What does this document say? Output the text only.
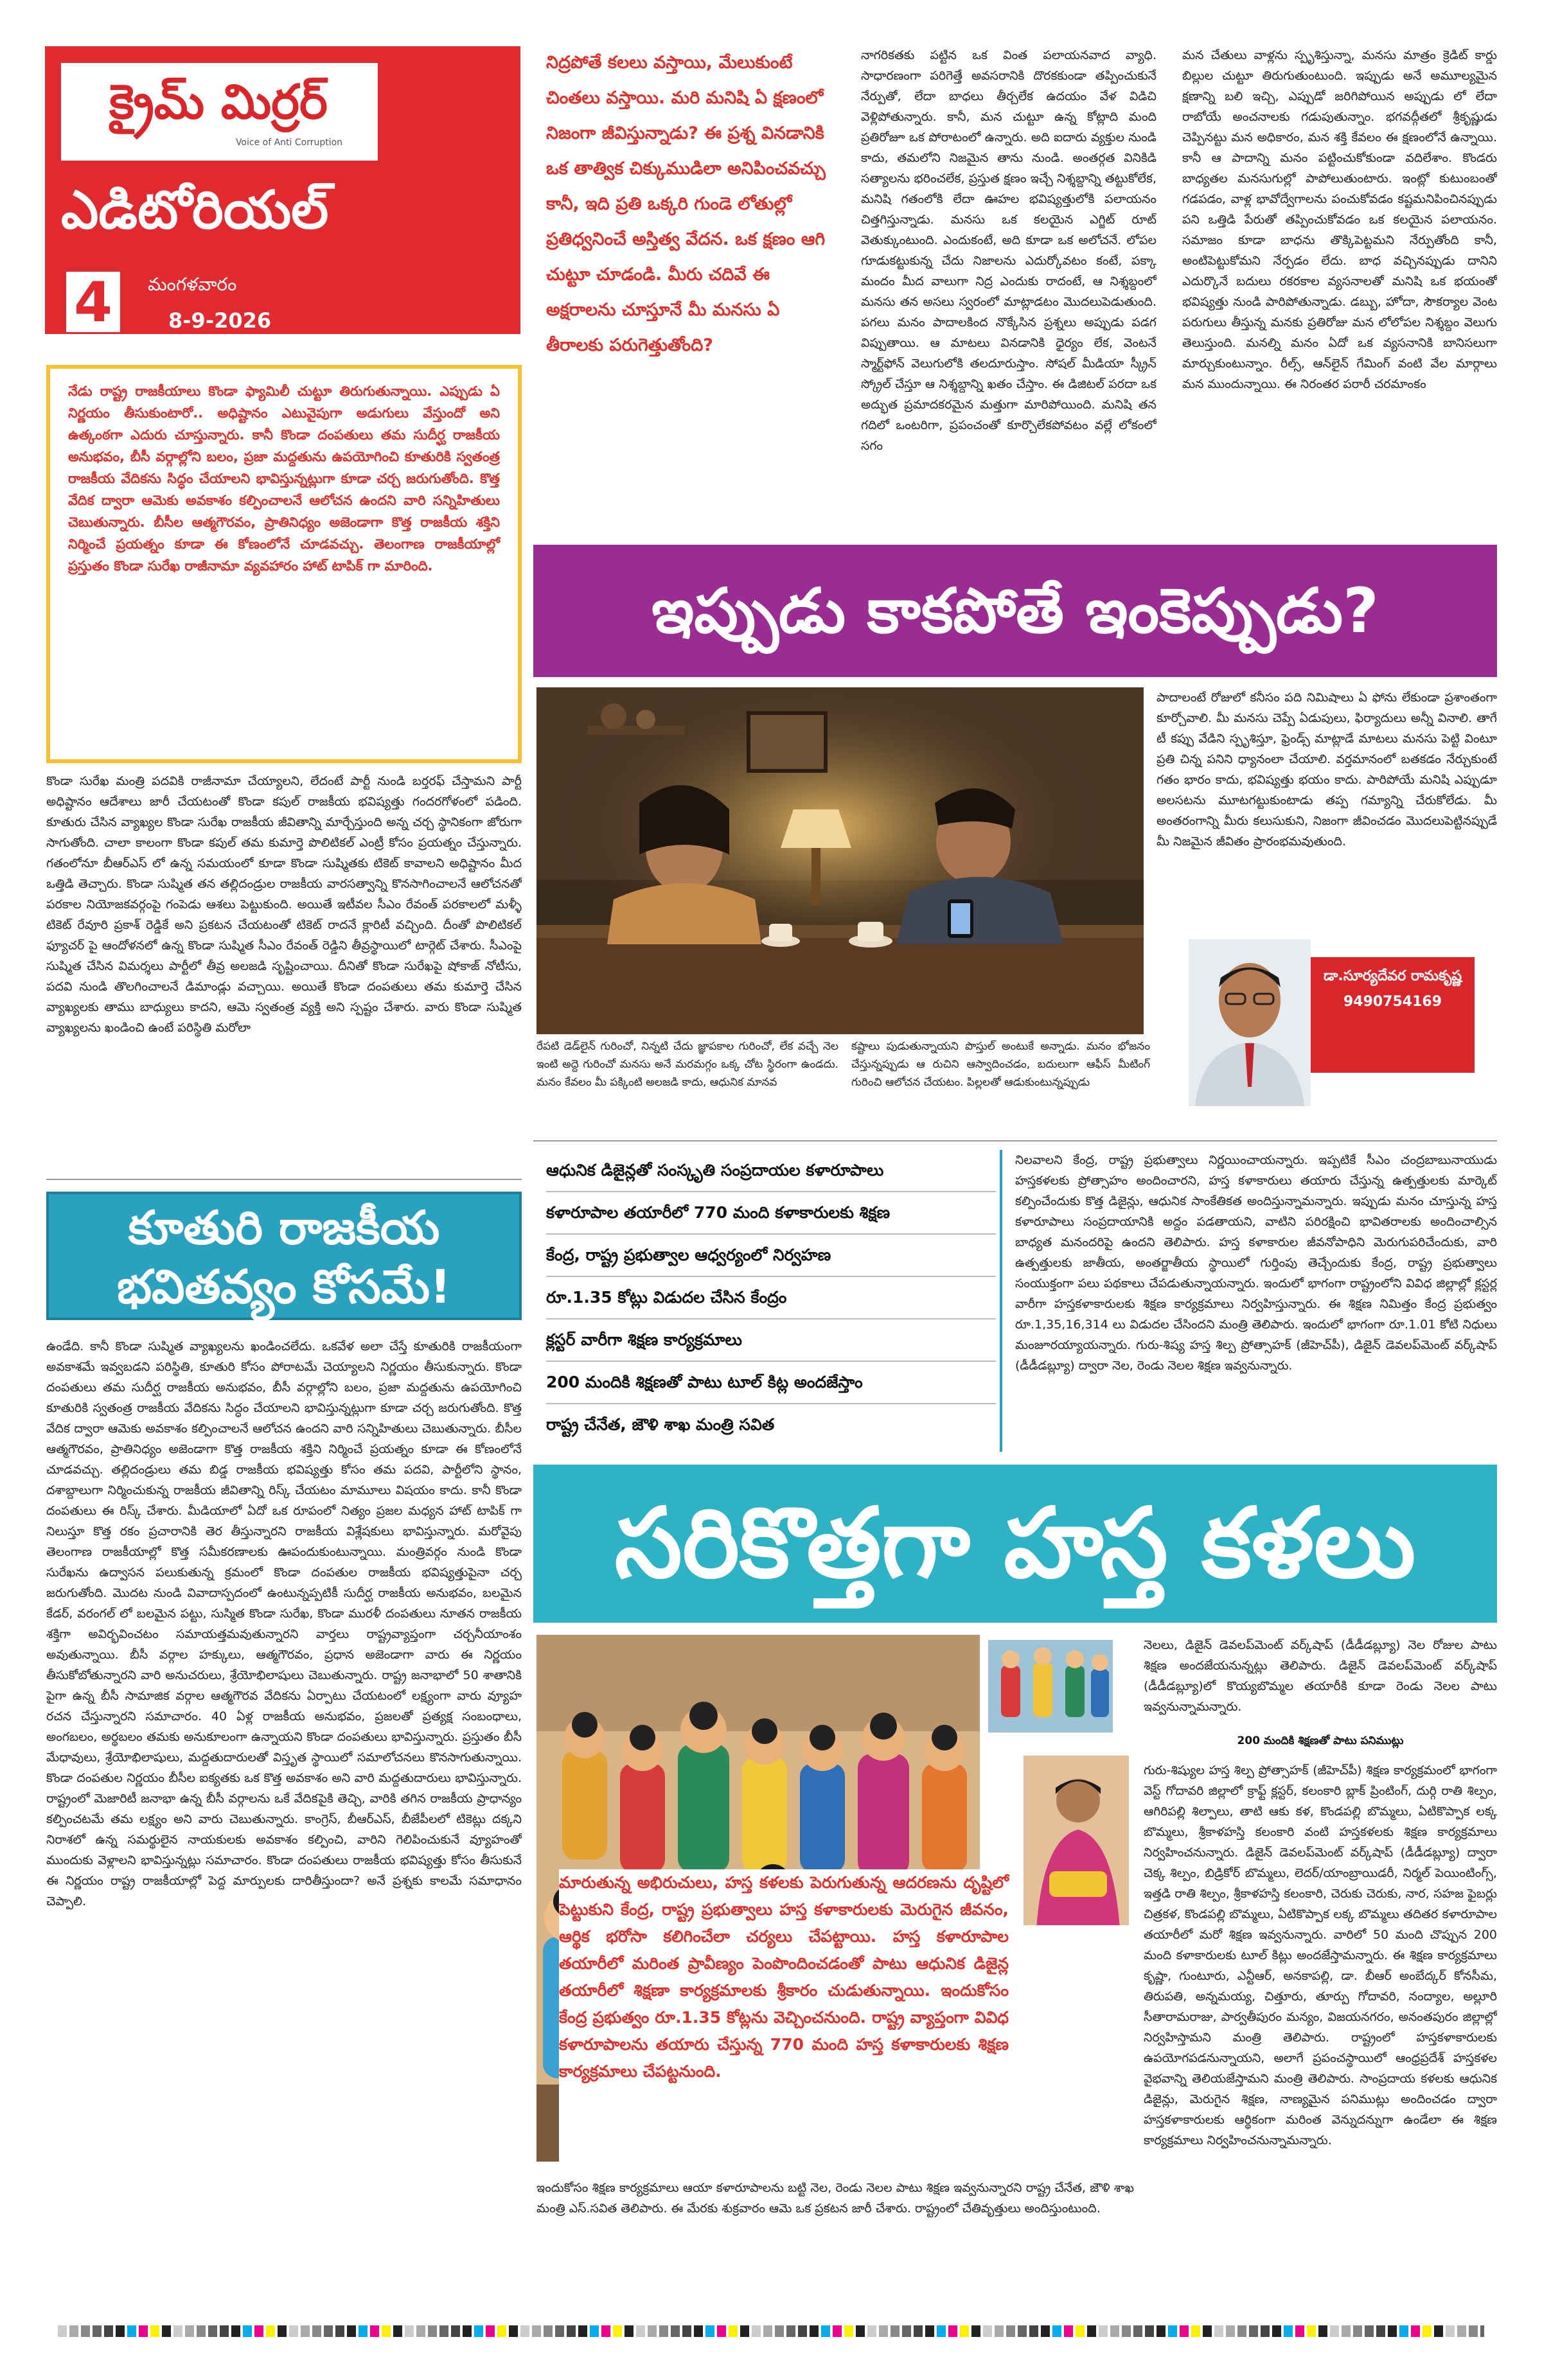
క్రైమ్ మిర్రర్
Voice of Anti Corruption
ఎడిటోరియల్
4	మంగళవారం
8-9-2026

నేడు రాష్ట్ర రాజకీయాలు కొండా ఫ్యామిలీ చుట్టూ తిరుగుతున్నాయి. ఎప్పుడు ఏ నిర్ణయం తీసుకుంటారో.. అధిష్టానం ఎటువైపుగా అడుగులు వేస్తుందో అని ఉత్కంఠగా ఎదురు చూస్తున్నారు. కానీ కొండా దంపతులు తమ సుదీర్ఘ రాజకీయ అనుభవం, బీసీ వర్గాల్లోని బలం, ప్రజా మద్దతును ఉపయోగించి కూతురికి స్వతంత్ర రాజకీయ వేదికను సిద్ధం చేయాలని భావిస్తున్నట్లుగా కూడా చర్చ జరుగుతోంది. కొత్త వేదిక ద్వారా ఆమెకు అవకాశం కల్పించాలనే ఆలోచన ఉందని వారి సన్నిహితులు చెబుతున్నారు. బీసీల ఆత్మగౌరవం, ప్రాతినిధ్యం అజెండాగా కొత్త రాజకీయ శక్తిని నిర్మించే ప్రయత్నం కూడా ఈ కోణంలోనే చూడవచ్చు. తెలంగాణ రాజకీయాల్లో ప్రస్తుతం కొండా సురేఖ రాజీనామా వ్యవహారం హాట్ టాపిక్ గా మారింది.

కొండా సురేఖ మంత్రి పదవికి రాజీనామా చేయ్యాలని, లేదంటే పార్టీ నుండి బర్తరఫ్ చేస్తామని పార్టీ అధిష్టానం ఆదేశాలు జారీ చేయటంతో కొండా కపుల్ రాజకీయ భవిష్యత్తు గందరగోళంలో పడింది. కూతురు చేసిన వ్యాఖ్యల కొండా సురేఖ రాజకీయ జీవితాన్ని మార్చేస్తుంది అన్న చర్చ స్థానికంగా జోరుగా సాగుతోంది. చాలా కాలంగా కొండా కపుల్ తమ కుమార్తె పొలిటికల్ ఎంట్రీ కోసం ప్రయత్నం చేస్తున్నారు. గతంలోనూ బీఆర్ఎస్ లో ఉన్న సమయంలో కూడా కొండా సుష్మితకు టికెట్ కావాలని అధిష్టానం మీద ఒత్తిడి తెచ్చారు. కొండా సుష్మిత తన తల్లిదండ్రుల రాజకీయ వారసత్వాన్ని కొనసాగించాలనే ఆలోచనతో పరకాల నియోజకవర్గంపై గంపెడు ఆశలు పెట్టుకుంది. అయితే ఇటీవల సీఎం రేవంత్ పరకాలలో మళ్ళీ టికెట్ రేవూరి ప్రకాశ్ రెడ్డికే అని ప్రకటన చేయటంతో టికెట్ రాదనే క్లారిటీ వచ్చింది. దీంతో పొలిటికల్ ఫ్యూచర్ పై ఆందోళనలో ఉన్న కొండా సుష్మిత సీఎం రేవంత్ రెడ్డిని తీవ్రస్థాయిలో టార్గెట్ చేశారు. సీఎంపై సుష్మిత చేసిన విమర్శలు పార్టీలో తీవ్ర అలజడి సృష్టించాయి. దీనితో కొండా సురేఖపై షోకాజ్ నోటీసు, పదవి నుండి తొలగించాలనే డిమాండ్లు వచ్చాయి. అయితే కొండా దంపతులు తమ కుమార్తె చేసిన వ్యాఖ్యలకు తాము బాధ్యులు కాదని, ఆమె స్వతంత్ర వ్యక్తి అని స్పష్టం చేశారు. వారు కొండా సుష్మిత వ్యాఖ్యలను ఖండించి ఉంటే పరిస్థితి మరోలా

కూతురి రాజకీయ భవితవ్యం కోసమే!

ఉండేది. కానీ కొండా సుష్మిత వ్యాఖ్యలను ఖండించలేదు. ఒకవేళ అలా చేస్తే కూతురికి రాజకీయంగా అవకాశమే ఇవ్వబడని పరిస్థితి, కూతురి కోసం పోరాటమే చెయ్యాలని నిర్ణయం తీసుకున్నారు. కొండా దంపతులు తమ సుదీర్ఘ రాజకీయ అనుభవం, బీసీ వర్గాల్లోని బలం, ప్రజా మద్దతును ఉపయోగించి కూతురికి స్వతంత్ర రాజకీయ వేదికను సిద్ధం చేయాలని భావిస్తున్నట్లుగా కూడా చర్చ జరుగుతోంది. కొత్త వేదిక ద్వారా ఆమెకు అవకాశం కల్పించాలనే ఆలోచన ఉందని వారి సన్నిహితులు చెబుతున్నారు. బీసీల ఆత్మగౌరవం, ప్రాతినిధ్యం అజెండాగా కొత్త రాజకీయ శక్తిని నిర్మించే ప్రయత్నం కూడా ఈ కోణంలోనే చూడవచ్చు. తల్లిదండ్రులు తమ బిడ్డ రాజకీయ భవిష్యత్తు కోసం తమ పదవి, పార్టీలోని స్థానం, దశాబ్దాలుగా నిర్మించుకున్న రాజకీయ జీవితాన్ని రిస్క్ చేయటం మామూలు విషయం కాదు. కానీ కొండా దంపతులు ఈ రిస్క్ చేశారు. మీడియాలో ఏదో ఒక రూపంలో నిత్యం ప్రజల మధ్యన హాట్ టాపిక్ గా నిలుస్తూ కొత్త రకం ప్రచారానికి తెర తీస్తున్నారని రాజకీయ విశ్లేషకులు భావిస్తున్నారు. మరోవైపు తెలంగాణ రాజకీయాల్లో కొత్త సమీకరణాలకు ఊపందుకుంటున్నాయి. మంత్రివర్గం నుండి కొండా సురేఖను ఉద్వాసన పలుకుతున్న క్రమంలో కొండా దంపతుల రాజకీయ భవిష్యత్తుపైనా చర్చ జరుగుతోంది. మొదట నుండి వివాదాస్పదంలో ఉంటున్నప్పటికీ సుదీర్ఘ రాజకీయ అనుభవం, బలమైన కేడర్, వరంగల్ లో బలమైన పట్టు, సుస్మిత కొండా సురేఖ, కొండా మురళీ దంపతులు నూతన రాజకీయ శక్తిగా అవిర్భవించటం సమాయత్తమవుతున్నారని వార్తలు రాష్ట్రవ్యాప్తంగా చర్చనీయాంశం అవుతున్నాయి. బీసీ వర్గాల హక్కులు, ఆత్మగౌరవం, ప్రధాన అజెండాగా వారు ఈ నిర్ణయం తీసుకోబోతున్నారని వారి అనుచరులు, శ్రేయోభిలాషులు చెబుతున్నారు. రాష్ట్ర జనాభాలో 50 శాతానికి పైగా ఉన్న బీసీ సామాజిక వర్గాల ఆత్మగౌరవ వేదికను ఏర్పాటు చేయటంలో లక్ష్యంగా వారు వ్యూహ రచన చేస్తున్నారని సమాచారం. 40 ఏళ్ల రాజకీయ అనుభవం, ప్రజలతో ప్రత్యక్ష సంబంధాలు, అంగబలం, అర్థబలం తమకు అనుకూలంగా ఉన్నాయని కొండా దంపతులు భావిస్తున్నారు. ప్రస్తుతం బీసీ మేధావులు, శ్రేయోభిలాషులు, మద్దతుదారులతో విస్తృత స్థాయిలో సమాలోచనలు కొనసాగుతున్నాయి. కొండా దంపతుల నిర్ణయం బీసీల ఐక్యతకు ఒక కొత్త అవకాశం అని వారి మద్దతుదారులు భావిస్తున్నారు. రాష్ట్రంలో మెజారిటీ జనాభా ఉన్న బీసీ వర్గాలను ఒకే వేదికపైకి తెచ్చి, వారికి తగిన రాజకీయ ప్రాధాన్యం కల్పించటమే తమ లక్ష్యం అని వారు చెబుతున్నారు. కాంగ్రెస్, బీఆర్ఎస్, బీజేపీలలో టికెట్లు దక్కని నిరాశలో ఉన్న సమర్థులైన నాయకులకు అవకాశం కల్పించి, వారిని గెలిపించుకునే వ్యూహంతో ముందుకు వెళ్లాలని భావిస్తున్నట్లు సమాచారం. కొండా దంపతులు రాజకీయ భవిష్యత్తు కోసం తీసుకునే ఈ నిర్ణయం రాష్ట్ర రాజకీయాల్లో పెద్ద మార్పులకు దారితీస్తుందా? అనే ప్రశ్నకు కాలమే సమాధానం చెప్పాలి.

నిద్రపోతే కలలు వస్తాయి, మేలుకుంటే చింతలు వస్తాయి. మరి మనిషి ఏ క్షణంలో నిజంగా జీవిస్తున్నాడు? ఈ ప్రశ్న వినడానికి ఒక తాత్విక చిక్కుముడిలా అనిపించవచ్చు కానీ, ఇది ప్రతి ఒక్కరి గుండె లోతుల్లో ప్రతిధ్వనించే అస్తిత్వ వేదన. ఒక క్షణం ఆగి చుట్టూ చూడండి. మీరు చదివే ఈ అక్షరాలను చూస్తూనే మీ మనసు ఏ తీరాలకు పరుగెత్తుతోంది?

నాగరికతకు పట్టిన ఒక వింత పలాయనవాద వ్యాధి. సాధారణంగా పరిగెత్తే అవసరానికి దొరకకుండా తప్పించుకునే నేర్పుతో, లేదా బాధలు తీర్చలేక ఉదయం వేళ విడిచి వెళ్లిపోతున్నారు. కానీ, మన చుట్టూ ఉన్న కోట్లాది మంది ప్రతిరోజూ ఒక పోరాటంలో ఉన్నారు. అది ఐదారు వ్యక్తుల నుండి కాదు, తమలోని నిజమైన తాను నుండి. అంతర్గత వినికిడి సత్యాలను భరించలేక, ప్రస్తుత క్షణం ఇచ్చే నిశ్శబ్దాన్ని తట్టుకోలేక, మనిషి గతంలోకి లేదా ఊహల భవిష్యత్తులోకి పలాయనం చిత్తగిస్తున్నాడు. మనసు ఒక కలయైన ఎగ్జిట్ రూట్ వెతుక్కుంటుంది. ఎందుకంటే, అది కూడా ఒక అలోచనే. లోపల గూడుకట్టుకున్న చేదు నిజాలను ఎదుర్కోవటం కంటే, పక్కా మందం మీద వాలుగా నిద్ర ఎందుకు రాదంటే, ఆ నిశ్శబ్దంలో మనసు తన అసలు స్వరంలో మాట్లాడటం మొదలుపెడుతుంది. పగలు మనం పాదాలకింద నొక్కేసిన ప్రశ్నలు అప్పుడు పడగ విప్పుతాయి. ఆ మాటలు వినడానికి ధైర్యం లేక, వెంటనే స్మార్ట్‌ఫోన్ వెలుగులోకి తలదూరుస్తాం. సోషల్ మీడియా స్క్రీన్ స్క్రోల్ చేస్తూ ఆ నిశ్శబ్దాన్ని ఖతం చేస్తాం. ఈ డిజిటల్ పరదా ఒక అద్భుత ప్రమాదకరమైన మత్తుగా మారిపోయింది. మనిషి తన గదిలో ఒంటరిగా, ప్రపంచంతో కూర్చొలేకపోవటం వల్లే లోకంలో సగం

మన చేతులు వాళ్లను స్పృశిస్తున్నా, మనసు మాత్రం క్రెడిట్ కార్డు బిల్లుల చుట్టూ తిరుగుతుంటుంది. ఇప్పుడు అనే అమూల్యమైన క్షణాన్ని బలి ఇచ్చి, ఎప్పుడో జరిగిపోయిన అప్పుడు లో లేదా రాబోయే అంచనాలకు గడుపుతున్నాం. భగవద్గీతలో శ్రీకృష్ణుడు చెప్పినట్టు మన అధికారం, మన శక్తి కేవలం ఈ క్షణంలోనే ఉన్నాయి. కానీ ఆ పాదాన్ని మనం పట్టించుకోకుండా వదిలేశాం. కొండరు బాధ్యతల మనసుగుల్లో పాపోలుతుంటారు. ఇంట్లో కుటుంబంతో గడపడం, వాళ్ల భావోద్వేగాలను పంచుకోవడం కష్టమనిపించినప్పుడు పని ఒత్తిడి పేరుతో తప్పించుకోవడం ఒక కలయైన పలాయనం. సమాజం కూడా బాధను తొక్కిపెట్టమని నేర్పుతోంది కానీ, అంటిపెట్టుకోమని నేర్పడం లేదు. బాధ వచ్చినప్పుడు దానిని ఎదుర్కొనే బదులు రకరకాల వ్యసనాలతో మనిషి ఒక భయంతో భవిష్యత్తు నుండి పారిపోతున్నాడు. డబ్బు, హోదా, సౌకర్యాల వెంట పరుగులు తీస్తున్న మనకు ప్రతిరోజు మన లోలోపల నిశ్శబ్దం వెలుగు తెలుస్తుంది. మనల్ని మనం ఏదో ఒక వ్యసనానికి బానిసలుగా మార్చుకుంటున్నాం. రీల్స్, ఆన్‌లైన్ గేమింగ్ వంటి వేల మార్గాలు మన ముందున్నాయి. ఈ నిరంతర పరారీ చరమాంకం

ఇప్పుడు కాకపోతే ఇంకెప్పుడు?

పాదాలంటే రోజులో కనీసం పది నిమిషాలు ఏ ఫోను లేకుండా ప్రశాంతంగా కూర్చోవాలి. మీ మనసు చెప్పే ఏడుపులు, ఫిర్యాదులు అన్నీ వినాలి. తాగే టీ కప్పు వేడిని స్పృశిస్తూ, ఫ్రెండ్స్ మాట్లాడే మాటలు మనసు పెట్టి వింటూ ప్రతి చిన్న పనిని ధ్యానంలా చేయాలి. వర్తమానంలో బతకడం నేర్చుకుంటే గతం భారం కాదు, భవిష్యత్తు భయం కాదు. పారిపోయే మనిషి ఎప్పుడూ అలసటను మూటగట్టుకుంటాడు తప్ప గమ్యాన్ని చేరుకోలేడు. మీ అంతరంగాన్ని మీరు కలుసుకుని, నిజంగా జీవించడం మొదలుపెట్టినప్పుడే మీ నిజమైన జీవితం ప్రారంభమవుతుంది.

డా.సూర్యదేవర రామకృష్ణ
9490754169

రేపటి డెడ్‌లైన్ గురించో, నిన్నటి చేదు జ్ఞాపకాల గురించో, లేక వచ్చే నెల ఇంటి అద్దె గురించో మనసు అనే మరమగ్గం ఒక్క చోట స్థిరంగా ఉండదు. మనం కేవలం మీ పక్కింటి అలజడి కాదు, ఆధునిక మానవ

కష్టాలు పుడుతున్నాయని పొస్తుల్ అంటుకే అన్నాడు. మనం భోజనం చేస్తున్నప్పుడు ఆ రుచిని ఆస్వాదించడం, బదులుగా ఆఫీస్ మీటింగ్ గురించి ఆలోచన చేయటం. పిల్లలతో ఆడుకుంటున్నప్పుడు

ఆధునిక డిజైన్లతో సంస్కృతి సంప్రదాయల కళారూపాలు
కళారూపాల తయారీలో 770 మంది కళాకారులకు శిక్షణ
కేంద్ర, రాష్ట్ర ప్రభుత్వాల ఆధ్వర్యంలో నిర్వహణ
రూ.1.35 కోట్లు విడుదల చేసిన కేంద్రం
క్లస్టర్ వారీగా శిక్షణ కార్యక్రమాలు
200 మందికి శిక్షణతో పాటు టూల్ కిట్ల అందజేస్తాం
రాష్ట్ర చేనేత, జౌళి శాఖ మంత్రి సవిత

నిలవాలని కేంద్ర, రాష్ట్ర ప్రభుత్వాలు నిర్ణయించాయన్నారు. ఇప్పటికే సీఎం చంద్రబాబునాయుడు హస్తకళలకు ప్రోత్సాహం అందించారని, హస్త కళాకారులు తయారు చేస్తున్న ఉత్పత్తులకు మార్కెట్ కల్పించేందుకు కొత్త డిజైన్లు, ఆధునిక సాంకేతికత అందిస్తున్నామన్నారు. ఇప్పుడు మనం చూస్తున్న హస్త కళారూపాలు సంప్రదాయానికి అద్దం పడతాయని, వాటిని పరిరక్షించి భావితరాలకు అందించాల్సిన బాధ్యత మనందరిపై ఉందని తెలిపారు. హస్త కళాకారుల జీవనోపాధిని మెరుగుపరిచేందుకు, వారి ఉత్పత్తులకు జాతీయ, అంతర్జాతీయ స్థాయిలో గుర్తింపు తెచ్చేందుకు కేంద్ర, రాష్ట్ర ప్రభుత్వాలు సంయుక్తంగా పలు పథకాలు చేపడుతున్నాయన్నారు. ఇందులో భాగంగా రాష్ట్రంలోని వివిధ జిల్లాల్లో క్లస్టర్ల వారీగా హస్తకళాకారులకు శిక్షణ కార్యక్రమాలు నిర్వహిస్తున్నారు. ఈ శిక్షణ నిమిత్తం కేంద్ర ప్రభుత్వం రూ.1,35,16,314 లు విడుదల చేసిందని మంత్రి తెలిపారు. ఇందులో భాగంగా రూ.1.01 కోటి నిధులు మంజూరయ్యాయన్నారు. గురు-శిష్య హస్త శిల్ప ప్రోత్సాహక్ (జీహెచ్‌పీ), డిజైన్ డెవలప్‌మెంట్ వర్క్‌షాప్ (డీడీడబ్ల్యూ) ద్వారా నెల, రెండు నెలల శిక్షణ ఇవ్వనున్నారు.

సరికొత్తగా హస్త కళలు

నెలలు, డిజైన్ డెవలప్‌మెంట్ వర్క్‌షాప్ (డీడీడబ్ల్యూ) నెల రోజుల పాటు శిక్షణ అందజేయనున్నట్లు తెలిపారు. డిజైన్ డెవలప్‌మెంట్ వర్క్‌షాప్ (డీడీడబ్ల్యూ)లో కొయ్యబొమ్మల తయారీకి కూడా రెండు నెలల పాటు ఇవ్వనున్నామన్నారు.

200 మందికి శిక్షణతో పాటు పనిముట్లు

గురు-శిష్యుల హస్త శిల్ప ప్రోత్సాహక్ (జీహెచ్‌పీ) శిక్షణ కార్యక్రమంలో భాగంగా వెస్ట్ గోదావరి జిల్లాలో క్రాఫ్ట్ క్లస్టర్, కలంకారి బ్లాక్ ప్రింటింగ్, దుర్గి రాతి శిల్పం, ఆగిరిపల్లి శిల్పాలు, తాటి ఆకు కళ, కొండపల్లి బొమ్మలు, ఏటికొప్పాక లక్క బొమ్మలు, శ్రీకాళహస్తి కలంకారి వంటి హస్తకళలకు శిక్షణ కార్యక్రమాలు నిర్వహించనున్నారు. డిజైన్ డెవలప్‌మెంట్ వర్క్‌షాప్ (డీడీడబ్ల్యూ) ద్వారా చెక్క శిల్పం, బిడ్రికోర్ బొమ్మలు, లెదర్/యాంబ్రాయిడరీ, నిర్మల్ పెయింటింగ్స్, ఇత్తడి రాతి శిల్పం, శ్రీకాళహస్తి కలంకారి, చెరుకు చెరుకు, నార, సహజ ఫైబర్లు చిత్రకళ, కొండపల్లి బొమ్మలు, ఏటికొప్పాక లక్క బొమ్మలు తదితర కళారూపాల తయారీలో మరో శిక్షణ ఇవ్వనున్నారు. వారిలో 50 మంది చొప్పున 200 మంది కళాకారులకు టూల్ కిట్లు అందజేస్తామన్నారు. ఈ శిక్షణ కార్యక్రమాలు కృష్ణా, గుంటూరు, ఎన్టీఆర్, అనకాపల్లి, డా. బీఆర్ అంబేద్కర్ కోనసీమ, తిరుపతి, అన్నమయ్య, చిత్తూరు, తూర్పు గోదావరి, నంద్యాల, అల్లూరి సీతారామరాజు, పార్వతీపురం మన్యం, విజయనగరం, అనంతపురం జిల్లాల్లో నిర్వహిస్తామని మంత్రి తెలిపారు. రాష్ట్రంలో హస్తకళాకారులకు ఉపయోగపడనున్నాయని, అలాగే ప్రపంచస్థాయిలో ఆంధ్రప్రదేశ్ హస్తకళల వైభవాన్ని తెలియజేస్తామని మంత్రి తెలిపారు. సాంప్రదాయ కళలకు ఆధునిక డిజైన్లు, మెరుగైన శిక్షణ, నాణ్యమైన పనిముట్లు అందించడం ద్వారా హస్తకళాకారులకు ఆర్థికంగా మరింత వెన్నుదన్నుగా ఉండేలా ఈ శిక్షణ కార్యక్రమాలు నిర్వహించనున్నామన్నారు.

మారుతున్న అభిరుచులు, హస్త కళలకు పెరుగుతున్న ఆదరణను దృష్టిలో పెట్టుకుని కేంద్ర, రాష్ట్ర ప్రభుత్వాలు హస్త కళాకారులకు మెరుగైన జీవనం, ఆర్థిక భరోసా కలిగించేలా చర్యలు చేపట్టాయి. హస్త కళారూపాల తయారీలో మరింత ప్రావీణ్యం పెంపొందించడంతో పాటు ఆధునిక డిజైన్ల తయారీలో శిక్షణా కార్యక్రమాలకు శ్రీకారం చుడుతున్నాయి. ఇందుకోసం కేంద్ర ప్రభుత్వం రూ.1.35 కోట్లను వెచ్చించనుంది. రాష్ట్ర వ్యాప్తంగా వివిధ కళారూపాలను తయారు చేస్తున్న 770 మంది హస్త కళాకారులకు శిక్షణ కార్యక్రమాలు చేపట్టనుంది.

ఇందుకోసం శిక్షణ కార్యక్రమాలు ఆయా కళారూపాలను బట్టి నెల, రెండు నెలల పాటు శిక్షణ ఇవ్వనున్నారని రాష్ట్ర చేనేత, జౌళి శాఖ మంత్రి ఎస్.సవిత తెలిపారు. ఈ మేరకు శుక్రవారం ఆమె ఒక ప్రకటన జారీ చేశారు. రాష్ట్రంలో చేతివృత్తులు అందిస్తుంటుంది.
